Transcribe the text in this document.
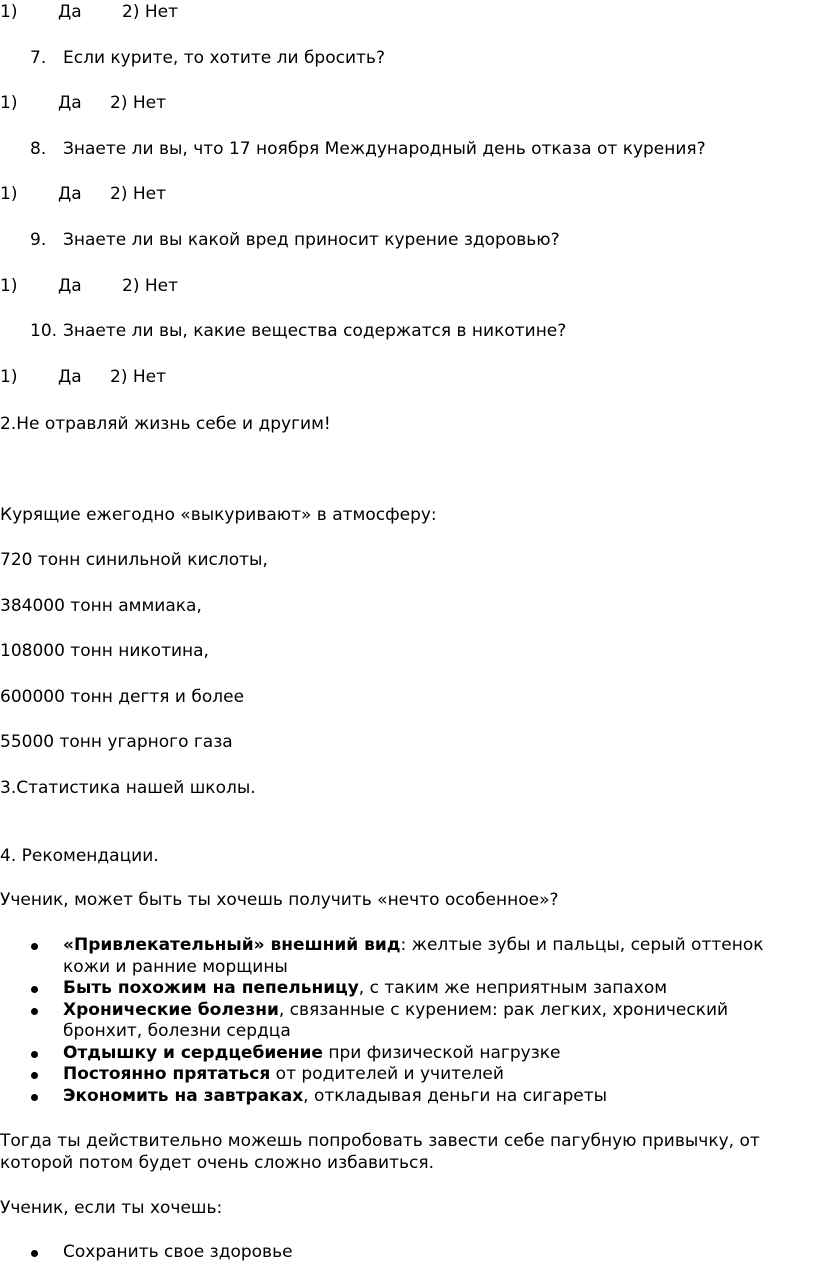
1) Да 2) Нет
7. Если курите, то хотите ли бросить?
1) Да 2) Нет
8. Знаете ли вы, что 17 ноября Международный день отказа от курения?
1) Да 2) Нет
9. Знаете ли вы какой вред приносит курение здоровью?
1) Да 2) Нет
10. Знаете ли вы, какие вещества содержатся в никотине?
1) Да 2) Нет
2.Не отравляй жизнь себе и другим!
Курящие ежегодно «выкуривают» в атмосферу:
720 тонн синильной кислоты,
384000 тонн аммиака,
108000 тонн никотина,
600000 тонн дегтя и более
55000 тонн угарного газа
3.Статистика нашей школы.
4. Рекомендации.
Ученик, может быть ты хочешь получить «нечто особенное»?
«Привлекательный» внешний вид: желтые зубы и пальцы, серый оттенок кожи и ранние морщины
Быть похожим на пепельницу, с таким же неприятным запахом
Хронические болезни, связанные с курением: рак легких, хронический бронхит, болезни сердца
Отдышку и сердцебиение при физической нагрузке
Постоянно прятаться от родителей и учителей
Экономить на завтраках, откладывая деньги на сигареты
Тогда ты действительно можешь попробовать завести себе пагубную привычку, от которой потом будет очень сложно избавиться.
Ученик, если ты хочешь:
Сохранить свое здоровье
